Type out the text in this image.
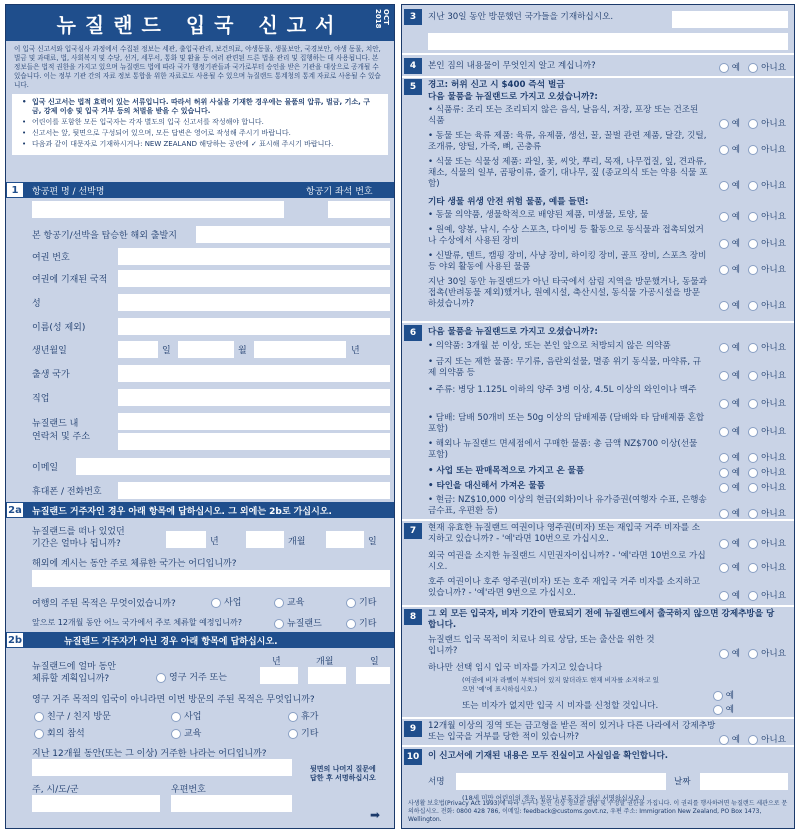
뉴질랜드 입국 신고서	OCT 2018
이 입국 신고서와 입국심사 과정에서 수집된 정보는 세관, 출입국관리, 보건의료, 야생동물, 생물보안, 국경보안, 야생 동물, 치안, 벌금 및 과태료, 법, 사회복지 및 수당, 선거, 세무서, 통화 및 환율 등 여러 관련된 드른 법을 관리 및 집행하는 데 사용됩니다. 본 정보들은 법적 권한을 가지고 있으며 뉴질랜드 법에 따라 국가 행정기관들과 국가로부터 승인을 받은 기관을 대상으로 공개될 수 있습니다. 이는 정부 기관 간의 자료 정보 통합을 위한 자료로도 사용될 수 있으며 뉴질랜드 통계청의 통계 자료로 사용될 수 있습니다.
• 입국 신고서는 법적 효력이 있는 서류입니다. 따라서 허위 사실을 기재한 경우에는 물품의 압류, 벌금, 기소, 구금, 강제 이송 및 입국 거부 등의 처벌을 받을 수 있습니다.
• 어린이를 포함한 모든 입국자는 각자 별도의 입국 신고서를 작성해야 합니다.
• 신고서는 앞, 뒷면으로 구성되어 있으며, 모든 답변은 영어로 작성해 주시기 바랍니다.
• 다음과 같이 대문자로 기재하시거나: NEW ZEALAND 해당하는 공란에 ✓ 표시해 주시기 바랍니다.
1	항공편 명 / 선박명	항공기 좌석 번호
본 항공기/선박을 탑승한 해외 출발지
여권 번호
여권에 기재된 국적
성
이름(성 제외)
생년월일	일	월	년
출생 국가
직업
뉴질랜드 내
연락처 및 주소
이메일
휴대폰 / 전화번호
2a	뉴질랜드 거주자인 경우 아래 항목에 답하십시오. 그 외에는 2b로 가십시오.
뉴질랜드를 떠나 있었던
기간은 얼마나 됩니까?	년	개월	일
해외에 계시는 동안 주로 체류한 국가는 어디입니까?
여행의 주된 목적은 무엇이었습니까?	사업	교육	기타
앞으로 12개월 동안 어느 국가에서 주로 체류할 예정입니까?	뉴질랜드	기타
2b	뉴질랜드 거주자가 아닌 경우 아래 항목에 답하십시오.
뉴질랜드에 얼마 동안
체류할 계획입니까?	영구 거주 또는
년	개월	일
영구 거주 목적의 입국이 아니라면 이번 방문의 주된 목적은 무엇입니까?
친구 / 친지 방문	사업	휴가
회의 참석	교육	기타
지난 12개월 동안(또는 그 이상) 거주한 나라는 어디입니까?
주, 시/도/군	우편번호
뒷면의 나머지 질문에 답한 후 서명하십시오
➡
3	지난 30일 동안 방문했던 국가들을 기재하십시오.
4	본인 짐의 내용물이 무엇인지 알고 계십니까?	예 아니요
5	경고: 허위 신고 시 $400 즉석 벌금
다음 물품을 뉴질랜드로 가지고 오셨습니까?:
• 식품류: 조리 또는 조리되지 않은 음식, 날음식, 저장, 포장 또는 건조된 식품	예 아니요
• 동물 또는 육류 제품: 육류, 유제품, 생선, 꿀, 꿀벌 관련 제품, 달걀, 깃털, 조개류, 양털, 가죽, 뼈, 곤충류	예 아니요
• 식물 또는 식물성 제품: 과일, 꽃, 씨앗, 뿌리, 목재, 나무껍질, 잎, 견과류, 채소, 식물의 일부, 곰팡이류, 줄기, 대나무, 짚 (종교의식 또는 약용 식물 포함)	예 아니요
기타 생물 위생 안전 위험 물품, 예를 들면:
• 동물 의약품, 생물학적으로 배양된 제품, 미생물, 토양, 물	예 아니요
• 원예, 양봉, 낚시, 수상 스포츠, 다이빙 등 활동으로 동식물과 접촉되었거나 수상에서 사용된 장비	예 아니요
• 신발류, 텐트, 캠핑 장비, 사냥 장비, 하이킹 장비, 골프 장비, 스포츠 장비 등 야외 활동에 사용된 물품	예 아니요
지난 30일 동안 뉴질랜드가 아닌 타국에서 삼림 지역을 방문했거나, 동물과 접촉(반려동물 제외)했거나, 원예시설, 축산시설, 동식물 가공시설을 방문하셨습니까?	예 아니요
6	다음 물품을 뉴질랜드로 가지고 오셨습니까?:
• 의약품: 3개월 분 이상, 또는 본인 앞으로 처방되지 않은 의약품	예 아니요
• 금지 또는 제한 물품: 무기류, 음란외설물, 멸종 위기 동식물, 마약류, 규제 의약품 등	예 아니요
• 주류: 병당 1.125L 이하의 양주 3병 이상, 4.5L 이상의 와인이나 맥주
예 아니요
• 담배: 담배 50개비 또는 50g 이상의 담배제품 (담배와 타 담배제품 혼합 포함)	예 아니요
• 해외나 뉴질랜드 면세점에서 구매한 물품: 총 금액 NZ$700 이상(선물 포함)	예 아니요
• 사업 또는 판매목적으로 가지고 온 물품	예 아니요
• 타인을 대신해서 가져온 물품	예 아니요
• 현금: NZ$10,000 이상의 현금(외화)이나 유가증권(여행자 수표, 은행송금수표, 우편환 등)	예 아니요
7	현재 유효한 뉴질랜드 여권이나 영주권(비자) 또는 재입국 거주 비자를 소지하고 있습니까? - '예'라면 10번으로 가십시오.	예 아니요
외국 여권을 소지한 뉴질랜드 시민권자이십니까? - '예'라면 10번으로 가십시오.	예 아니요
호주 여권이나 호주 영주권(비자) 또는 호주 재입국 거주 비자를 소지하고 있습니까? - '예'라면 9번으로 가십시오.	예 아니요
8	그 외 모든 입국자, 비자 기간이 만료되기 전에 뉴질랜드에서 출국하지 않으면 강제추방을 당합니다.
뉴질랜드 입국 목적이 치료나 의료 상담, 또는 출산을 위한 것입니까?	예 아니요
하나만 선택 임시 입국 비자를 가지고 있습니다
(여권에 비자 라벨이 부착되어 있지 않더라도 현재 비자를 소지하고 있으면 '예'에 표시하십시오.)
예
또는 비자가 없지만 입국 시 비자를 신청할 것입니다.	예
9	12개월 이상의 징역 또는 금고형을 받은 적이 있거나 다른 나라에서 강제추방 또는 입국을 거부를 당한 적이 있습니까?	예 아니요
10	이 신고서에 기재된 내용은 모두 진실이고 사실임을 확인합니다.
서명	날짜
(18세 미만 어린이의 경우, 부모나 보호자가 대신 서명하십시오.)
사생활 보호법(Privacy Act 1993)에 따라 누구나 본인 신상 정보를 열람 및 수정할 권한을 가집니다. 이 권리를 행사하려면 뉴질랜드 세관으로 문의하십시오. 전화: 0800 428 786, 이메일: feedback@customs.govt.nz, 우편 주소: Immigration New Zealand, PO Box 1473, Wellington.
